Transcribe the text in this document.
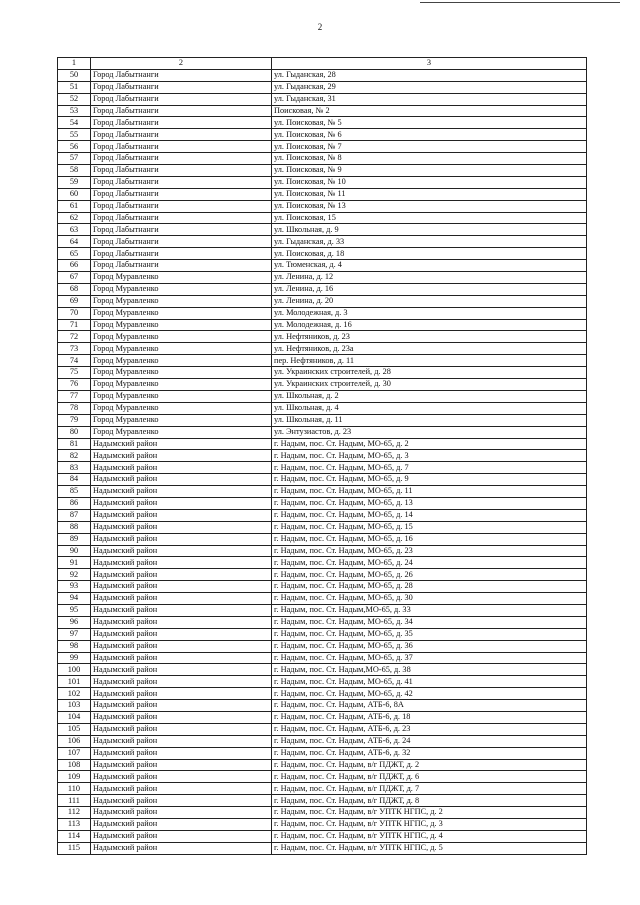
2
1	2	3
50	Город Лабытнанги	ул. Гыданская, 28
51	Город Лабытнанги	ул. Гыданская, 29
52	Город Лабытнанги	ул. Гыданская, 31
53	Город Лабытнанги	Поисковая, № 2
54	Город Лабытнанги	ул. Поисковая, № 5
55	Город Лабытнанги	ул. Поисковая, № 6
56	Город Лабытнанги	ул. Поисковая, № 7
57	Город Лабытнанги	ул. Поисковая, № 8
58	Город Лабытнанги	ул. Поисковая, № 9
59	Город Лабытнанги	ул. Поисковая, № 10
60	Город Лабытнанги	ул. Поисковая, № 11
61	Город Лабытнанги	ул. Поисковая, № 13
62	Город Лабытнанги	ул. Поисковая, 15
63	Город Лабытнанги	ул. Школьная, д. 9
64	Город Лабытнанги	ул. Гыданская, д. 33
65	Город Лабытнанги	ул. Поисковая, д. 18
66	Город Лабытнанги	ул. Тюменская, д. 4
67	Город Муравленко	ул. Ленина, д. 12
68	Город Муравленко	ул. Ленина, д. 16
69	Город Муравленко	ул. Ленина, д. 20
70	Город Муравленко	ул. Молодежная, д. 3
71	Город Муравленко	ул. Молодежная, д. 16
72	Город Муравленко	ул. Нефтяников, д. 23
73	Город Муравленко	ул. Нефтяников, д. 23а
74	Город Муравленко	пер. Нефтяников, д. 11
75	Город Муравленко	ул. Украинских строителей, д. 28
76	Город Муравленко	ул. Украинских строителей, д. 30
77	Город Муравленко	ул. Школьная, д. 2
78	Город Муравленко	ул. Школьная, д. 4
79	Город Муравленко	ул. Школьная, д. 11
80	Город Муравленко	ул. Энтузиастов, д. 23
81	Надымский район	г. Надым, пос. Ст. Надым, МО-65, д. 2
82	Надымский район	г. Надым, пос. Ст. Надым, МО-65, д. 3
83	Надымский район	г. Надым, пос. Ст. Надым, МО-65, д. 7
84	Надымский район	г. Надым, пос. Ст. Надым, МО-65, д. 9
85	Надымский район	г. Надым, пос. Ст. Надым, МО-65, д. 11
86	Надымский район	г. Надым, пос. Ст. Надым, МО-65, д. 13
87	Надымский район	г. Надым, пос. Ст. Надым, МО-65, д. 14
88	Надымский район	г. Надым, пос. Ст. Надым, МО-65, д. 15
89	Надымский район	г. Надым, пос. Ст. Надым, МО-65, д. 16
90	Надымский район	г. Надым, пос. Ст. Надым, МО-65, д. 23
91	Надымский район	г. Надым, пос. Ст. Надым, МО-65, д. 24
92	Надымский район	г. Надым, пос. Ст. Надым, МО-65, д. 26
93	Надымский район	г. Надым, пос. Ст. Надым, МО-65, д. 28
94	Надымский район	г. Надым, пос. Ст. Надым, МО-65, д. 30
95	Надымский район	г. Надым, пос. Ст. Надым,МО-65, д. 33
96	Надымский район	г. Надым, пос. Ст. Надым, МО-65, д. 34
97	Надымский район	г. Надым, пос. Ст. Надым, МО-65, д. 35
98	Надымский район	г. Надым, пос. Ст. Надым, МО-65, д. 36
99	Надымский район	г. Надым, пос. Ст. Надым, МО-65, д. 37
100	Надымский район	г. Надым, пос. Ст. Надым,МО-65, д. 38
101	Надымский район	г. Надым, пос. Ст. Надым, МО-65, д. 41
102	Надымский район	г. Надым, пос. Ст. Надым, МО-65, д. 42
103	Надымский район	г. Надым, пос. Ст. Надым, АТБ-6, 8А
104	Надымский район	г. Надым, пос. Ст. Надым, АТБ-6, д. 18
105	Надымский район	г. Надым, пос. Ст. Надым, АТБ-6, д. 23
106	Надымский район	г. Надым, пос. Ст. Надым, АТБ-6, д. 24
107	Надымский район	г. Надым, пос. Ст. Надым, АТБ-6, д. 32
108	Надымский район	г. Надым, пос. Ст. Надым, в/г ПДЖТ, д. 2
109	Надымский район	г. Надым, пос. Ст. Надым, в/г ПДЖТ, д. 6
110	Надымский район	г. Надым, пос. Ст. Надым, в/г ПДЖТ, д. 7
111	Надымский район	г. Надым, пос. Ст. Надым, в/г ПДЖТ, д. 8
112	Надымский район	г. Надым, пос. Ст. Надым, в/г УПТК НГПС, д. 2
113	Надымский район	г. Надым, пос. Ст. Надым, в/г УПТК НГПС, д. 3
114	Надымский район	г. Надым, пос. Ст. Надым, в/г УПТК НГПС, д. 4
115	Надымский район	г. Надым, пос. Ст. Надым, в/г УПТК НГПС, д. 5
